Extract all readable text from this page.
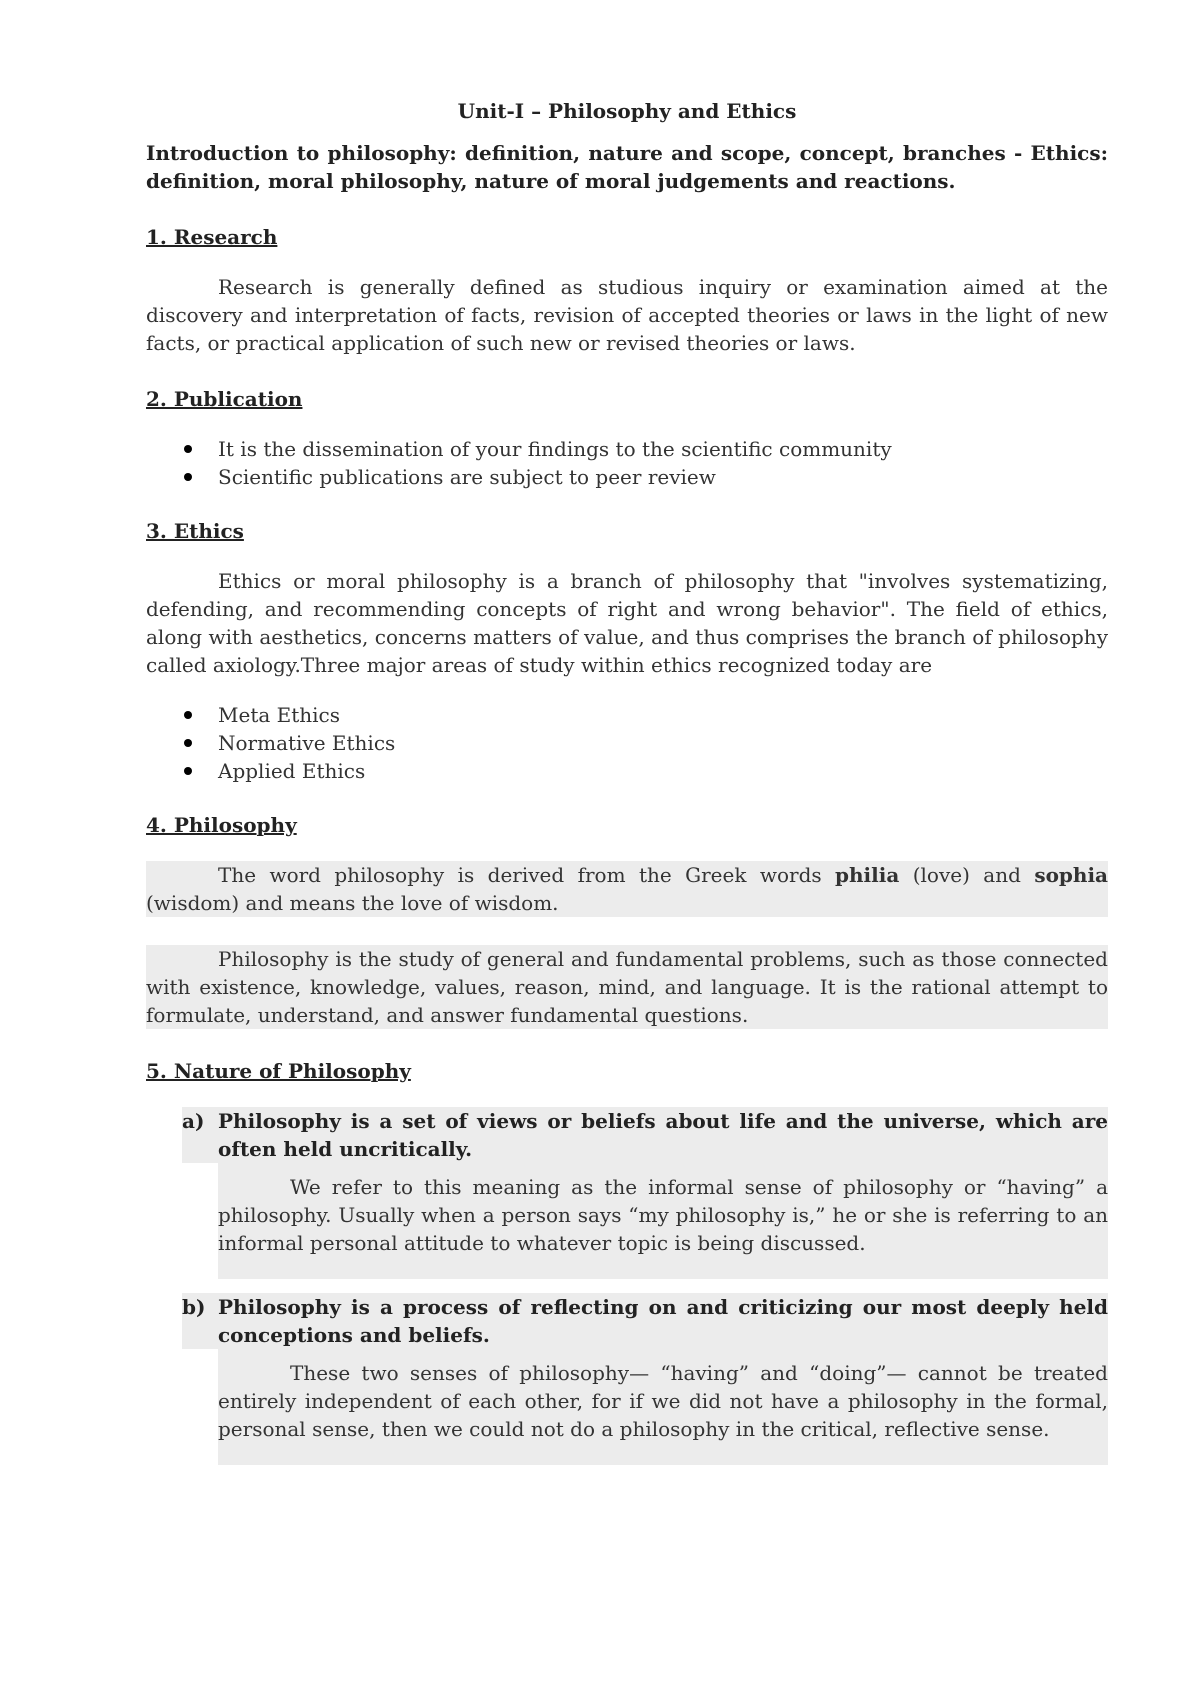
Unit-I – Philosophy and Ethics

Introduction to philosophy: definition, nature and scope, concept, branches - Ethics: definition, moral philosophy, nature of moral judgements and reactions.

1. Research

Research is generally defined as studious inquiry or examination aimed at the discovery and interpretation of facts, revision of accepted theories or laws in the light of new facts, or practical application of such new or revised theories or laws.

2. Publication

It is the dissemination of your findings to the scientific community
Scientific publications are subject to peer review

3. Ethics

Ethics or moral philosophy is a branch of philosophy that "involves systematizing, defending, and recommending concepts of right and wrong behavior". The field of ethics, along with aesthetics, concerns matters of value, and thus comprises the branch of philosophy called axiology.Three major areas of study within ethics recognized today are

Meta Ethics
Normative Ethics
Applied Ethics

4. Philosophy

The word philosophy is derived from the Greek words philia (love) and sophia (wisdom) and means the love of wisdom.

Philosophy is the study of general and fundamental problems, such as those connected with existence, knowledge, values, reason, mind, and language. It is the rational attempt to formulate, understand, and answer fundamental questions.

5. Nature of Philosophy

a) Philosophy is a set of views or beliefs about life and the universe, which are often held uncritically.

We refer to this meaning as the informal sense of philosophy or “having” a philosophy. Usually when a person says “my philosophy is,” he or she is referring to an informal personal attitude to whatever topic is being discussed.

b) Philosophy is a process of reflecting on and criticizing our most deeply held conceptions and beliefs.

These two senses of philosophy— “having” and “doing”— cannot be treated entirely independent of each other, for if we did not have a philosophy in the formal, personal sense, then we could not do a philosophy in the critical, reflective sense.
